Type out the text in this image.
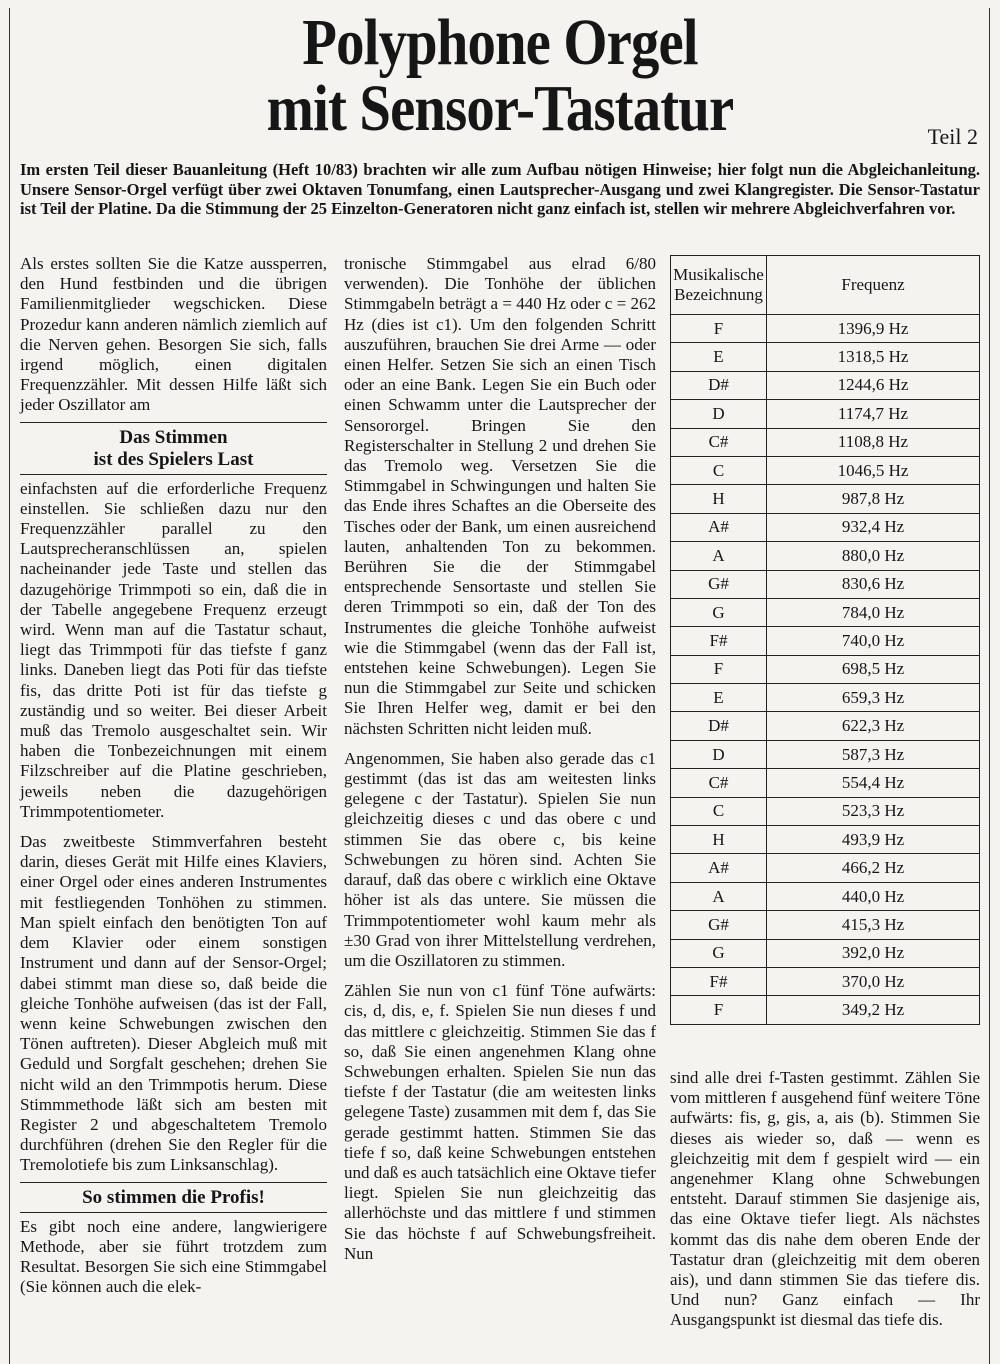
Polyphone Orgel
mit Sensor-Tastatur	Teil 2

Im ersten Teil dieser Bauanleitung (Heft 10/83) brachten wir alle zum Aufbau nötigen Hinweise; hier folgt nun die Abgleichanleitung. Unsere Sensor-Orgel verfügt über zwei Oktaven Tonumfang, einen Lautsprecher-Ausgang und zwei Klangregister. Die Sensor-Tastatur ist Teil der Platine. Da die Stimmung der 25 Einzelton-Generatoren nicht ganz einfach ist, stellen wir mehrere Abgleichverfahren vor.

Als erstes sollten Sie die Katze aussperren, den Hund festbinden und die übrigen Familienmitglieder wegschicken. Diese Prozedur kann anderen nämlich ziemlich auf die Nerven gehen. Besorgen Sie sich, falls irgend möglich, einen digitalen Frequenzzähler. Mit dessen Hilfe läßt sich jeder Oszillator am

Das Stimmen
ist des Spielers Last

einfachsten auf die erforderliche Frequenz einstellen. Sie schließen dazu nur den Frequenzzähler parallel zu den Lautsprecheranschlüssen an, spielen nacheinander jede Taste und stellen das dazugehörige Trimmpoti so ein, daß die in der Tabelle angegebene Frequenz erzeugt wird. Wenn man auf die Tastatur schaut, liegt das Trimmpoti für das tiefste f ganz links. Daneben liegt das Poti für das tiefste fis, das dritte Poti ist für das tiefste g zuständig und so weiter. Bei dieser Arbeit muß das Tremolo ausgeschaltet sein. Wir haben die Tonbezeichnungen mit einem Filzschreiber auf die Platine geschrieben, jeweils neben die dazugehörigen Trimmpotentiometer.

Das zweitbeste Stimmverfahren besteht darin, dieses Gerät mit Hilfe eines Klaviers, einer Orgel oder eines anderen Instrumentes mit festliegenden Tonhöhen zu stimmen. Man spielt einfach den benötigten Ton auf dem Klavier oder einem sonstigen Instrument und dann auf der Sensor-Orgel; dabei stimmt man diese so, daß beide die gleiche Tonhöhe aufweisen (das ist der Fall, wenn keine Schwebungen zwischen den Tönen auftreten). Dieser Abgleich muß mit Geduld und Sorgfalt geschehen; drehen Sie nicht wild an den Trimmpotis herum. Diese Stimmmethode läßt sich am besten mit Register 2 und abgeschaltetem Tremolo durchführen (drehen Sie den Regler für die Tremolotiefe bis zum Linksanschlag).

So stimmen die Profis!

Es gibt noch eine andere, langwierigere Methode, aber sie führt trotzdem zum Resultat. Besorgen Sie sich eine Stimmgabel (Sie können auch die elek-

tronische Stimmgabel aus elrad 6/80 verwenden). Die Tonhöhe der üblichen Stimmgabeln beträgt a = 440 Hz oder c = 262 Hz (dies ist c1). Um den folgenden Schritt auszuführen, brauchen Sie drei Arme — oder einen Helfer. Setzen Sie sich an einen Tisch oder an eine Bank. Legen Sie ein Buch oder einen Schwamm unter die Lautsprecher der Sensororgel. Bringen Sie den Registerschalter in Stellung 2 und drehen Sie das Tremolo weg. Versetzen Sie die Stimmgabel in Schwingungen und halten Sie das Ende ihres Schaftes an die Oberseite des Tisches oder der Bank, um einen ausreichend lauten, anhaltenden Ton zu bekommen. Berühren Sie die der Stimmgabel entsprechende Sensortaste und stellen Sie deren Trimmpoti so ein, daß der Ton des Instrumentes die gleiche Tonhöhe aufweist wie die Stimmgabel (wenn das der Fall ist, entstehen keine Schwebungen). Legen Sie nun die Stimmgabel zur Seite und schicken Sie Ihren Helfer weg, damit er bei den nächsten Schritten nicht leiden muß.

Angenommen, Sie haben also gerade das c1 gestimmt (das ist das am weitesten links gelegene c der Tastatur). Spielen Sie nun gleichzeitig dieses c und das obere c und stimmen Sie das obere c, bis keine Schwebungen zu hören sind. Achten Sie darauf, daß das obere c wirklich eine Oktave höher ist als das untere. Sie müssen die Trimmpotentiometer wohl kaum mehr als ±30 Grad von ihrer Mittelstellung verdrehen, um die Oszillatoren zu stimmen.

Zählen Sie nun von c1 fünf Töne aufwärts: cis, d, dis, e, f. Spielen Sie nun dieses f und das mittlere c gleichzeitig. Stimmen Sie das f so, daß Sie einen angenehmen Klang ohne Schwebungen erhalten. Spielen Sie nun das tiefste f der Tastatur (die am weitesten links gelegene Taste) zusammen mit dem f, das Sie gerade gestimmt hatten. Stimmen Sie das tiefe f so, daß keine Schwebungen entstehen und daß es auch tatsächlich eine Oktave tiefer liegt. Spielen Sie nun gleichzeitig das allerhöchste und das mittlere f und stimmen Sie das höchste f auf Schwebungsfreiheit. Nun

Musikalische Bezeichnung	Frequenz
F	1396,9 Hz
E	1318,5 Hz
D#	1244,6 Hz
D	1174,7 Hz
C#	1108,8 Hz
C	1046,5 Hz
H	987,8 Hz
A#	932,4 Hz
A	880,0 Hz
G#	830,6 Hz
G	784,0 Hz
F#	740,0 Hz
F	698,5 Hz
E	659,3 Hz
D#	622,3 Hz
D	587,3 Hz
C#	554,4 Hz
C	523,3 Hz
H	493,9 Hz
A#	466,2 Hz
A	440,0 Hz
G#	415,3 Hz
G	392,0 Hz
F#	370,0 Hz
F	349,2 Hz

sind alle drei f-Tasten gestimmt. Zählen Sie vom mittleren f ausgehend fünf weitere Töne aufwärts: fis, g, gis, a, ais (b). Stimmen Sie dieses ais wieder so, daß — wenn es gleichzeitig mit dem f gespielt wird — ein angenehmer Klang ohne Schwebungen entsteht. Darauf stimmen Sie dasjenige ais, das eine Oktave tiefer liegt. Als nächstes kommt das dis nahe dem oberen Ende der Tastatur dran (gleichzeitig mit dem oberen ais), und dann stimmen Sie das tiefere dis. Und nun? Ganz einfach — Ihr Ausgangspunkt ist diesmal das tiefe dis.
